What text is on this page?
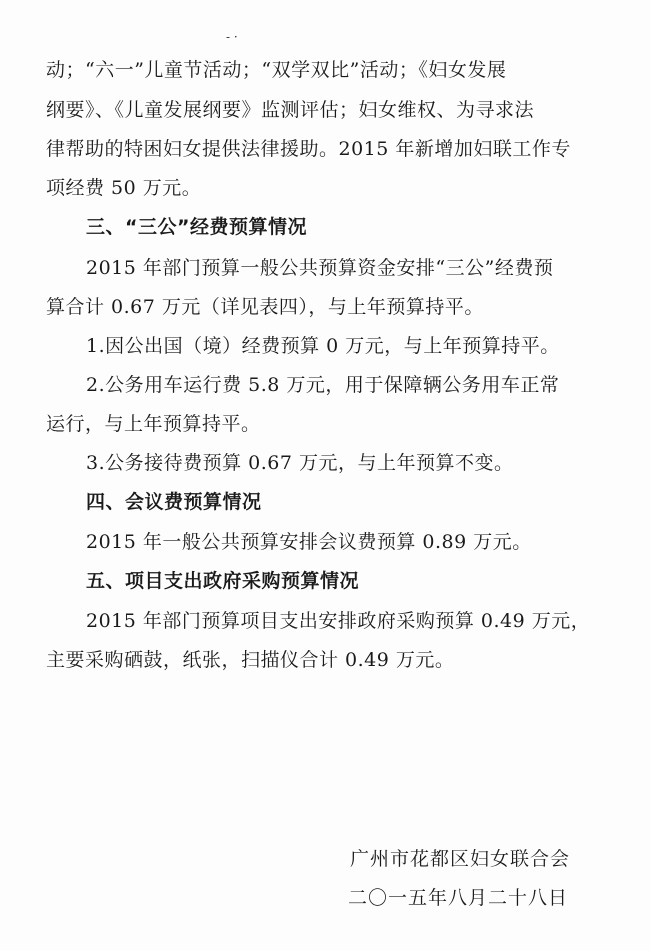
- ·
动；“六一”儿童节活动；“双学双比”活动；《妇女发展
纲要》、《儿童发展纲要》监测评估；妇女维权、为寻求法
律帮助的特困妇女提供法律援助。2015 年新增加妇联工作专
项经费 50 万元。
三、“三公”经费预算情况
2015 年部门预算一般公共预算资金安排“三公”经费预
算合计 0.67 万元（详见表四），与上年预算持平。
1.因公出国（境）经费预算 0 万元，与上年预算持平。
2.公务用车运行费 5.8 万元，用于保障辆公务用车正常
运行，与上年预算持平。
3.公务接待费预算 0.67 万元，与上年预算不变。
四、会议费预算情况
2015 年一般公共预算安排会议费预算 0.89 万元。
五、项目支出政府采购预算情况
2015 年部门预算项目支出安排政府采购预算 0.49 万元，
主要采购硒鼓，纸张，扫描仪合计 0.49 万元。
广州市花都区妇女联合会
二〇一五年八月二十八日
